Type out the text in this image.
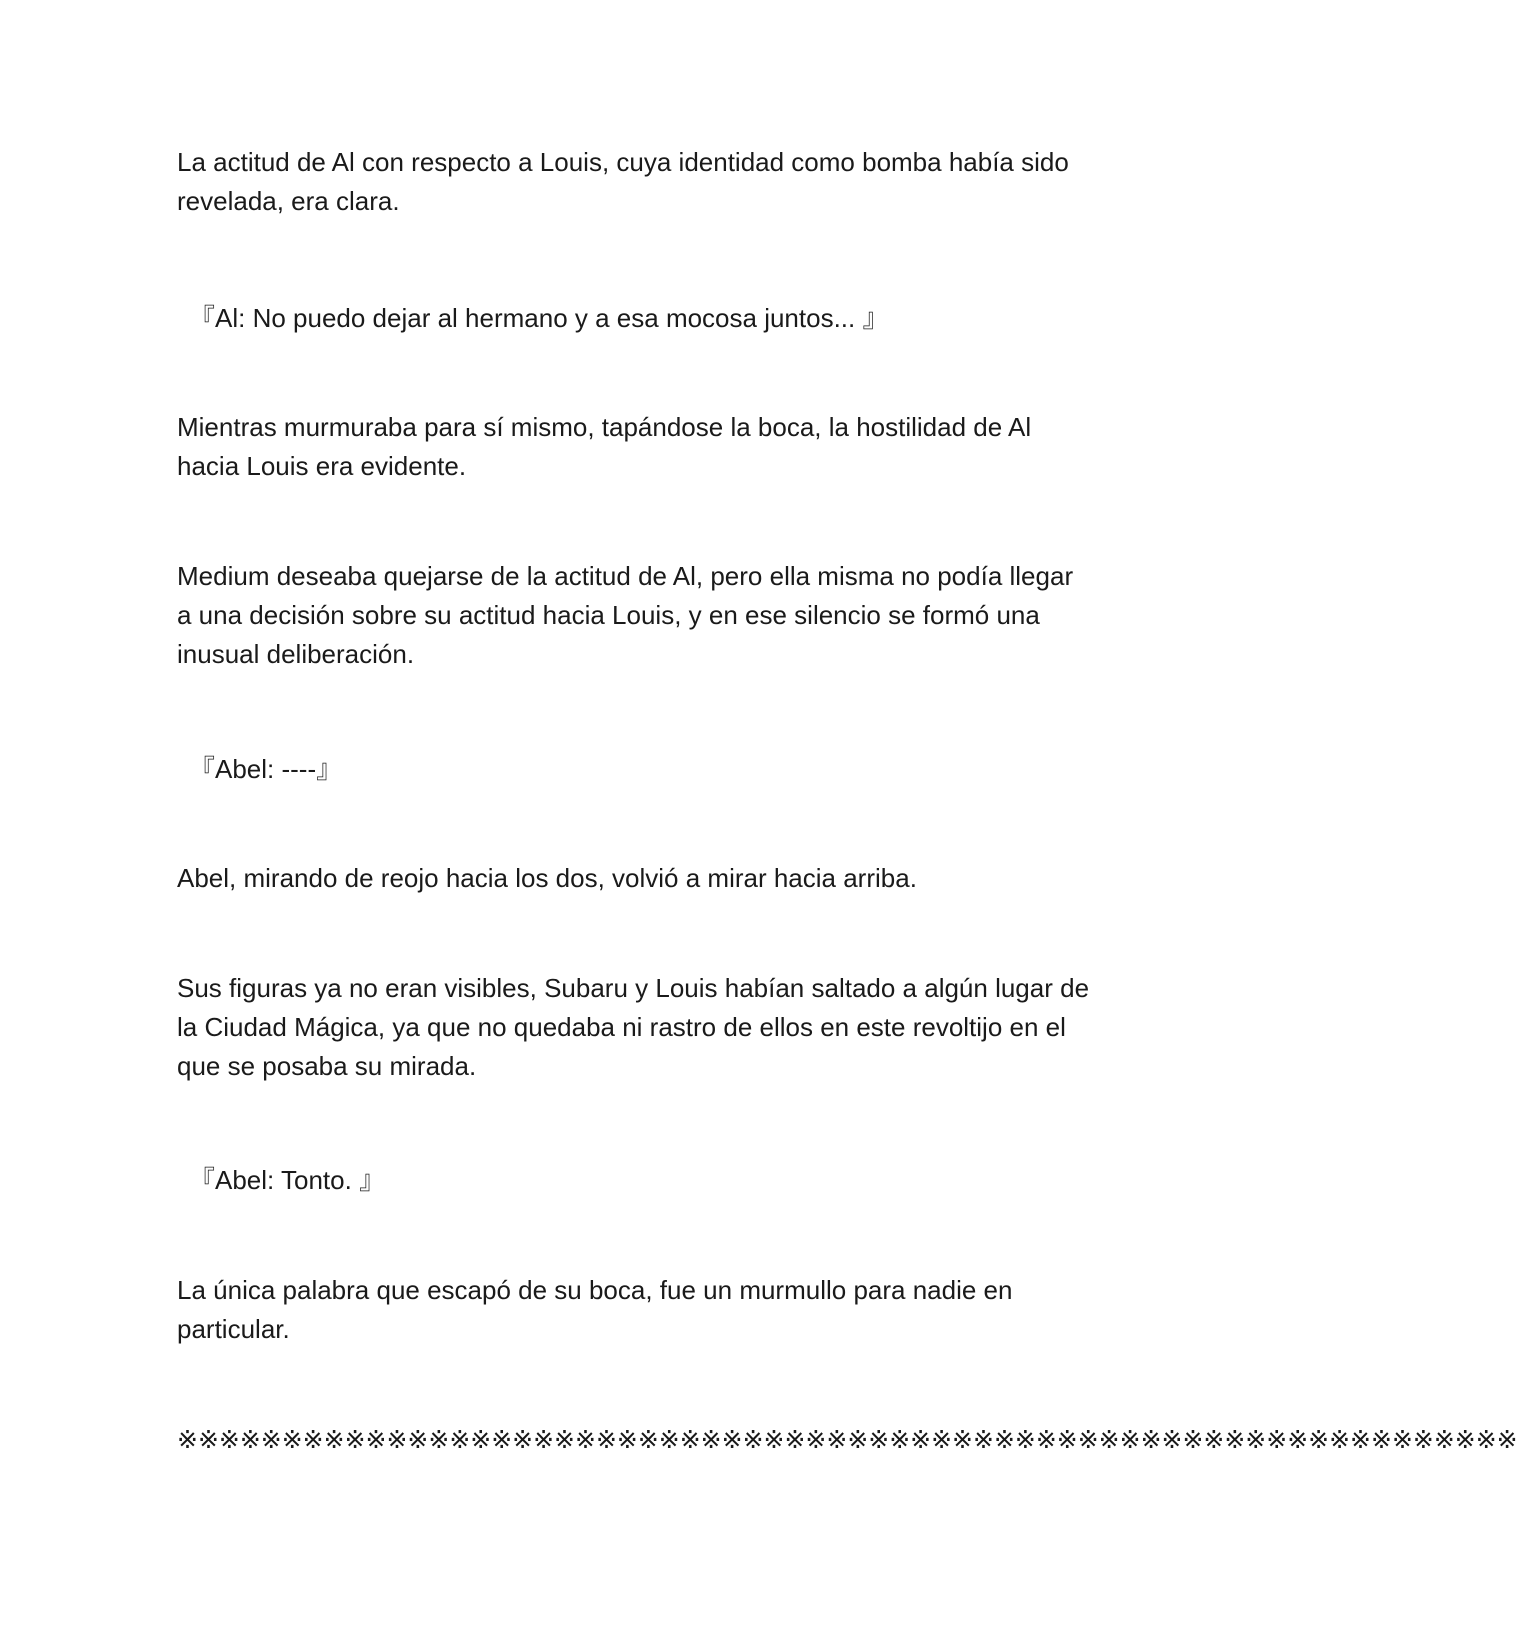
La actitud de Al con respecto a Louis, cuya identidad como bomba había sido
revelada, era clara.

『Al: No puedo dejar al hermano y a esa mocosa juntos... 』

Mientras murmuraba para sí mismo, tapándose la boca, la hostilidad de Al
hacia Louis era evidente.

Medium deseaba quejarse de la actitud de Al, pero ella misma no podía llegar
a una decisión sobre su actitud hacia Louis, y en ese silencio se formó una
inusual deliberación.

『Abel: ----』

Abel, mirando de reojo hacia los dos, volvió a mirar hacia arriba.

Sus figuras ya no eran visibles, Subaru y Louis habían saltado a algún lugar de
la Ciudad Mágica, ya que no quedaba ni rastro de ellos en este revoltijo en el
que se posaba su mirada.

『Abel: Tonto. 』

La única palabra que escapó de su boca, fue un murmullo para nadie en
particular.

※※※※※※※※※※※※※※※※※※※※※※※※※※※※※※※※※※※※※※※※※※※※※※※※※※※※※※※※※※※※※※※※
